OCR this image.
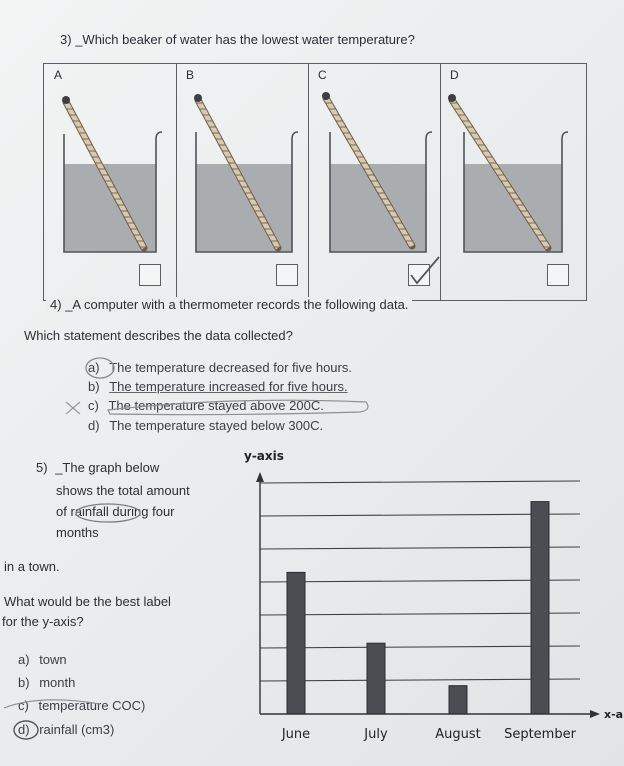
3) _Which beaker of water has the lowest water temperature?
A	B	C	D
4) _A computer with a thermometer records the following data.
Which statement describes the data collected?
a) The temperature decreased for five hours.
b) The temperature increased for five hours.
c) The temperature stayed above 200C.
d) The temperature stayed below 300C.
5) _The graph below
shows the total amount
of rainfall during four
months
in a town.
What would be the best label
for the y-axis?
a) town
b) month
c) temperature COC)
d) rainfall (cm3)	June	July	August September
y-axis
x-a
